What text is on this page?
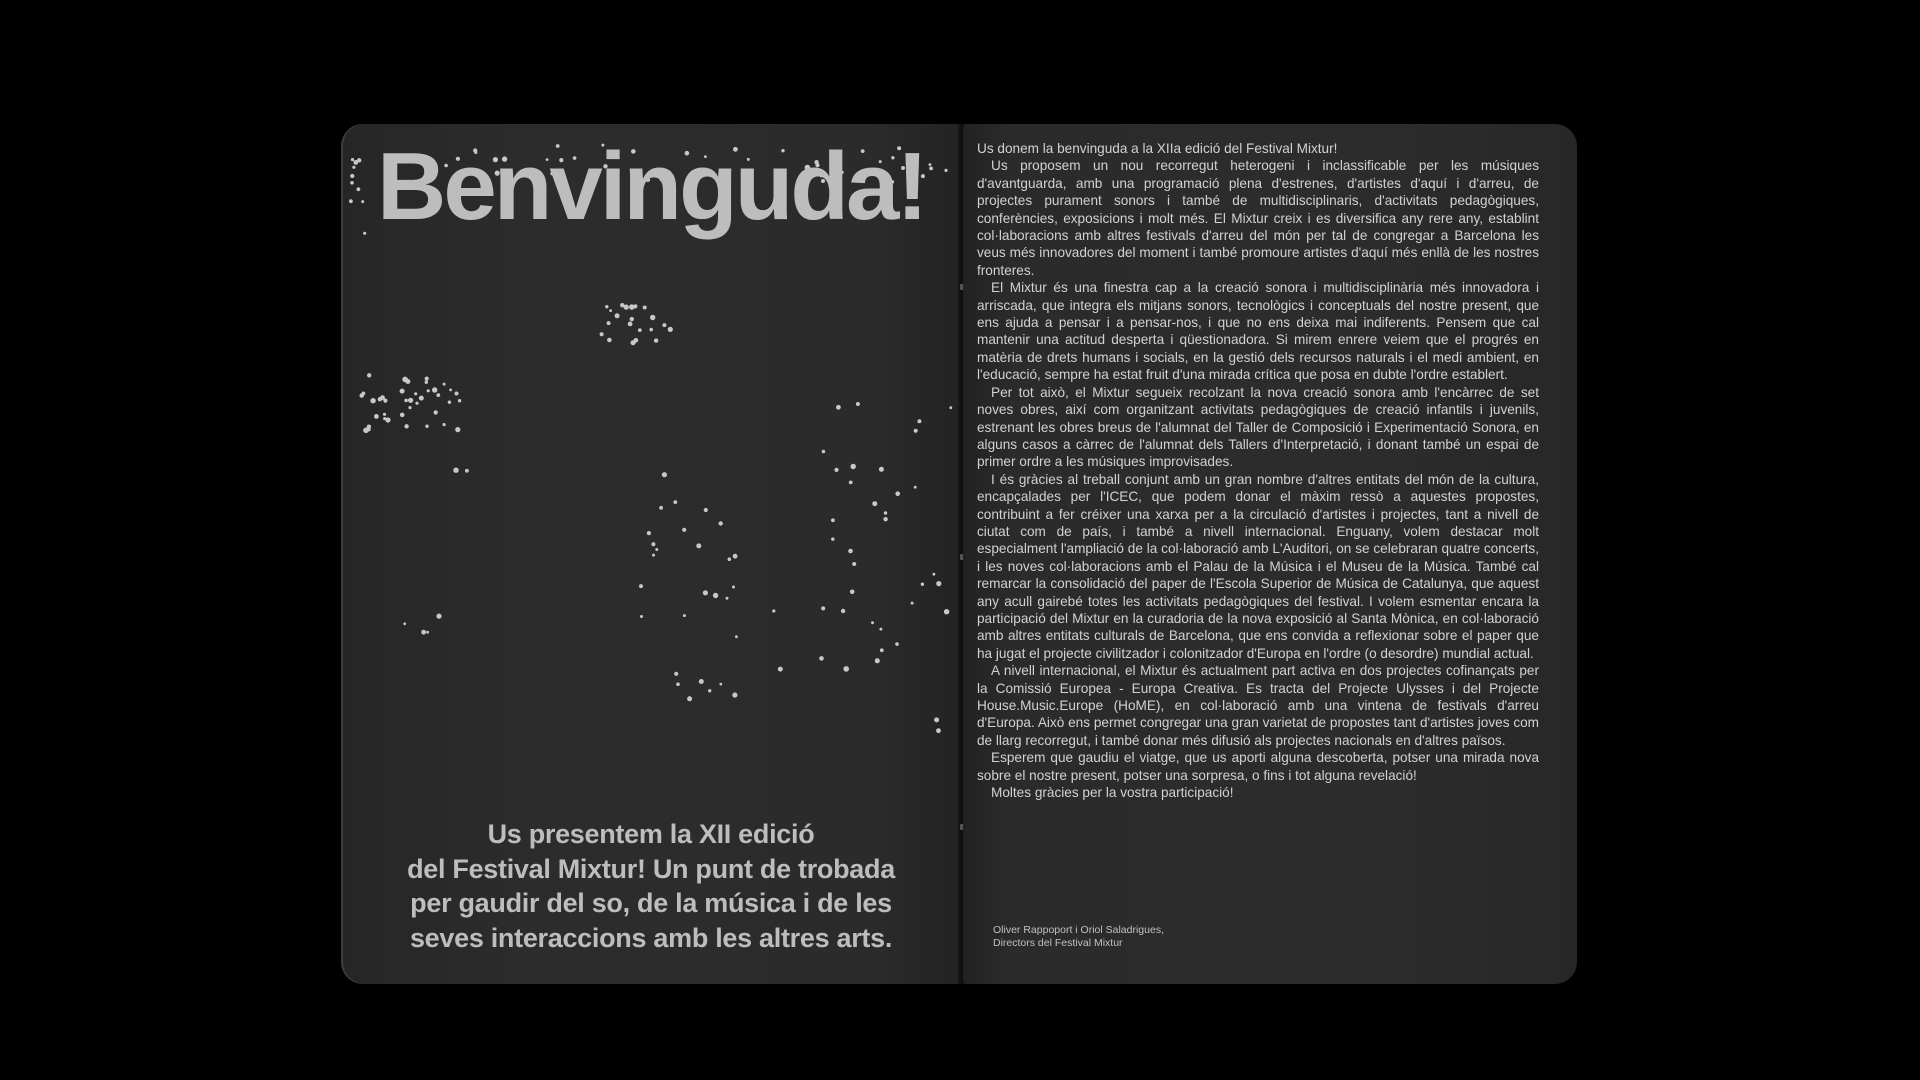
Benvinguda!
Us presentem la XII edició
del Festival Mixtur! Un punt de trobada
per gaudir del so, de la música i de les
seves interaccions amb les altres arts.

Us donem la benvinguda a la XIIa edició del Festival Mixtur!

Us proposem un nou recorregut heterogeni i inclassificable per les músiques d'avantguarda, amb una programació plena d'estrenes, d'artistes d'aquí i d'arreu, de projectes purament sonors i també de multidisciplinaris, d'activitats pedagògiques, conferències, exposicions i molt més. El Mixtur creix i es diversifica any rere any, establint col·laboracions amb altres festivals d'arreu del món per tal de congregar a Barcelona les veus més innovadores del moment i també promoure artistes d'aquí més enllà de les nostres fronteres.

El Mixtur és una finestra cap a la creació sonora i multidisciplinària més innovadora i arriscada, que integra els mitjans sonors, tecnològics i conceptuals del nostre present, que ens ajuda a pensar i a pensar-nos, i que no ens deixa mai indiferents. Pensem que cal mantenir una actitud desperta i qüestionadora. Si mirem enrere veiem que el progrés en matèria de drets humans i socials, en la gestió dels recursos naturals i el medi ambient, en l'educació, sempre ha estat fruit d'una mirada crítica que posa en dubte l'ordre establert.

Per tot això, el Mixtur segueix recolzant la nova creació sonora amb l'encàrrec de set noves obres, així com organitzant activitats pedagògiques de creació infantils i juvenils, estrenant les obres breus de l'alumnat del Taller de Composició i Experimentació Sonora, en alguns casos a càrrec de l'alumnat dels Tallers d'Interpretació, i donant també un espai de primer ordre a les músiques improvisades.

I és gràcies al treball conjunt amb un gran nombre d'altres entitats del món de la cultura, encapçalades per l'ICEC, que podem donar el màxim ressò a aquestes propostes, contribuint a fer créixer una xarxa per a la circulació d'artistes i projectes, tant a nivell de ciutat com de país, i també a nivell internacional. Enguany, volem destacar molt especialment l'ampliació de la col·laboració amb L'Auditori, on se celebraran quatre concerts, i les noves col·laboracions amb el Palau de la Música i el Museu de la Música. També cal remarcar la consolidació del paper de l'Escola Superior de Música de Catalunya, que aquest any acull gairebé totes les activitats pedagògiques del festival. I volem esmentar encara la participació del Mixtur en la curadoria de la nova exposició al Santa Mònica, en col·laboració amb altres entitats culturals de Barcelona, que ens convida a reflexionar sobre el paper que ha jugat el projecte civilitzador i colonitzador d'Europa en l'ordre (o desordre) mundial actual.

A nivell internacional, el Mixtur és actualment part activa en dos projectes cofinançats per la Comissió Europea - Europa Creativa. Es tracta del Projecte Ulysses i del Projecte House.Music.Europe (HoME), en col·laboració amb una vintena de festivals d'arreu d'Europa. Això ens permet congregar una gran varietat de propostes tant d'artistes joves com de llarg recorregut, i també donar més difusió als projectes nacionals en d'altres països.

Esperem que gaudiu el viatge, que us aporti alguna descoberta, potser una mirada nova sobre el nostre present, potser una sorpresa, o fins i tot alguna revelació!

Moltes gràcies per la vostra participació!

Oliver Rappoport i Oriol Saladrigues,
Directors del Festival Mixtur
